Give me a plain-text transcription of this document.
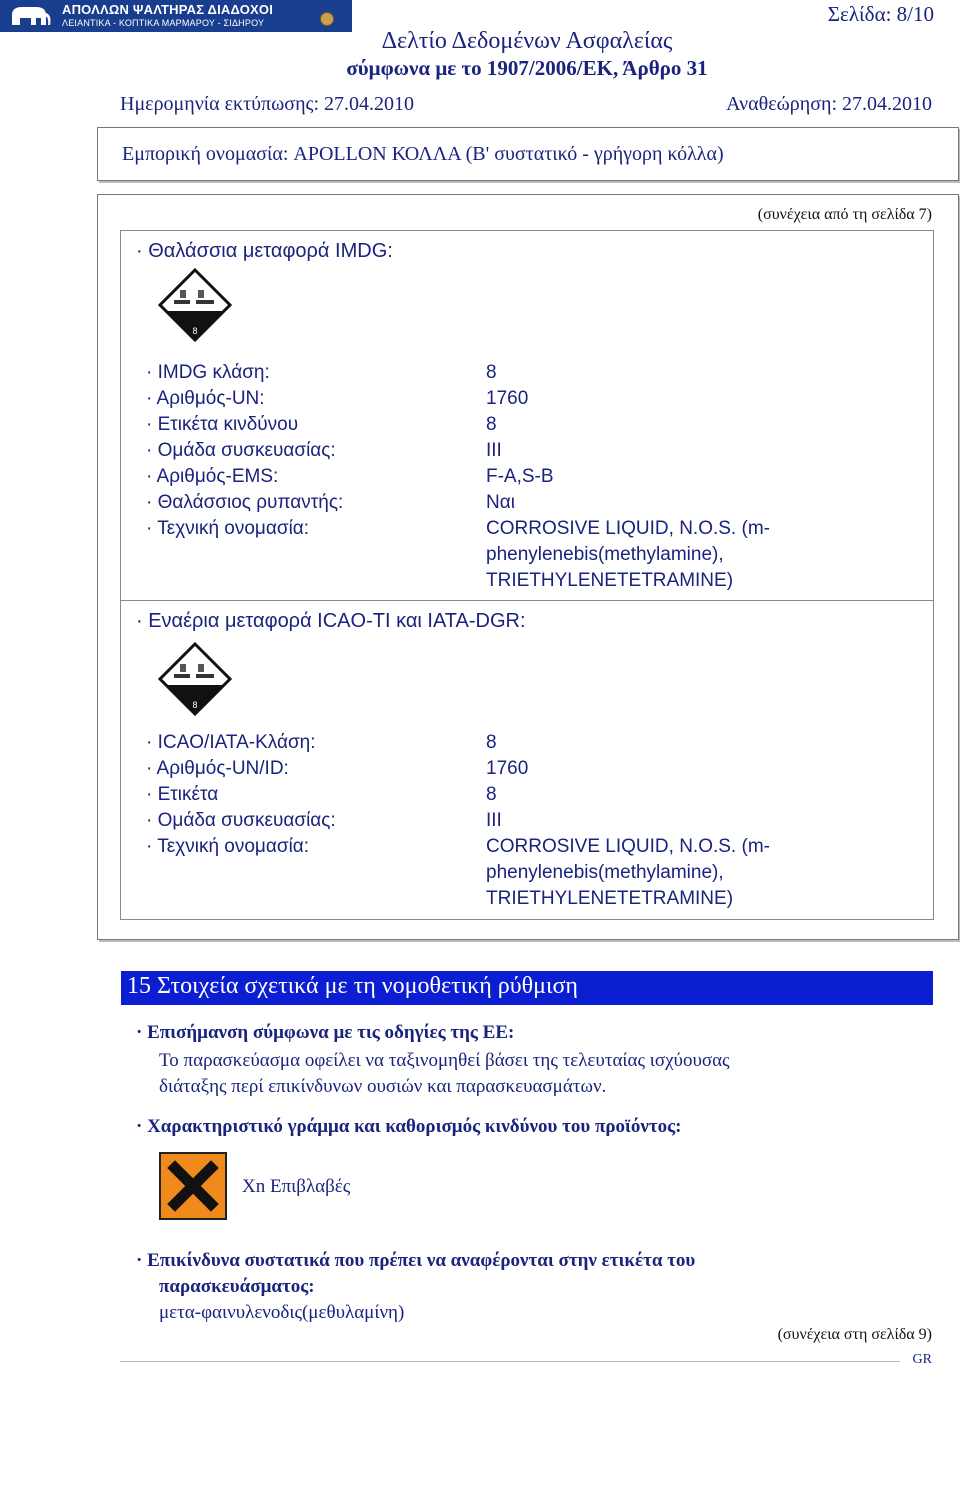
ΑΠΟΛΛΩΝ ΨΑΛΤΗΡΑΣ ΔΙΑΔΟΧΟΙ
ΛΕΙΑΝΤΙΚΑ - ΚΟΠΤΙΚΑ ΜΑΡΜΑΡΟΥ - ΣΙΔΗΡΟΥ	Σελίδα: 8/10
Δελτίο Δεδομένων Ασφαλείας
σύμφωνα με το 1907/2006/ΕΚ, Άρθρο 31
Ημερομηνία εκτύπωσης: 27.04.2010	Αναθεώρηση: 27.04.2010
Εμπορική ονομασία: APOLLON ΚΟΛΛΑ (B' συστατικό - γρήγορη κόλλα)
(συνέχεια από τη σελίδα 7)
· Θαλάσσια μεταφορά IMDG:
8
· IMDG κλάση:	8
· Αριθμός-UN:	1760
· Ετικέτα κινδύνου	8
· Ομάδα συσκευασίας:	III
· Αριθμός-EMS:	F-A,S-B
· Θαλάσσιος ρυπαντής:	Ναι
· Τεχνική ονομασία:	CORROSIVE LIQUID, N.O.S. (m-
phenylenebis(methylamine),
TRIETHYLENETETRAMINE)
· Εναέρια μεταφορά ICAO-TI και IATA-DGR:
8
· ICAO/IATA-Κλάση:	8
· Αριθμός-UN/ID:	1760
· Ετικέτα	8
· Ομάδα συσκευασίας:	III
· Τεχνική ονομασία:	CORROSIVE LIQUID, N.O.S. (m-
phenylenebis(methylamine),
TRIETHYLENETETRAMINE)
15 Στοιχεία σχετικά με τη νομοθετική ρύθμιση
· Επισήμανση σύμφωνα με τις οδηγίες της ΕΕ:
Το παρασκεύασμα οφείλει να ταξινομηθεί βάσει της τελευταίας ισχύουσας
διάταξης περί επικίνδυνων ουσιών και παρασκευασμάτων.
· Χαρακτηριστικό γράμμα και καθορισμός κινδύνου του προϊόντος:
Xn Επιβλαβές
· Επικίνδυνα συστατικά που πρέπει να αναφέρονται στην ετικέτα του
παρασκευάσματος:
μετα-φαινυλενοδις(μεθυλαμίνη)
(συνέχεια στη σελίδα 9)
GR
